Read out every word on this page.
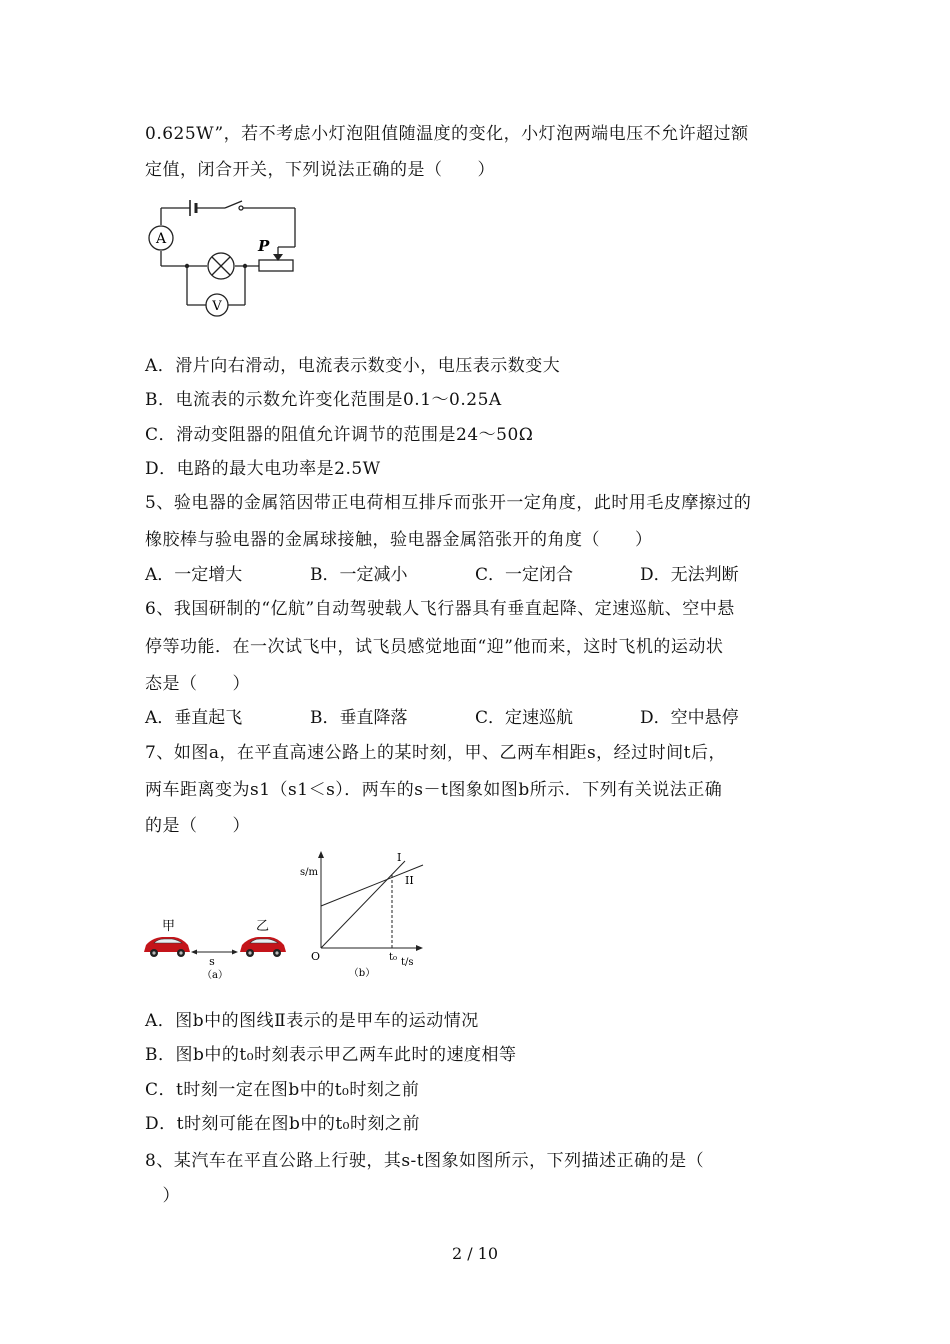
0.625W”，若不考虑小灯泡阻值随温度的变化，小灯泡两端电压不允许超过额
定值，闭合开关，下列说法正确的是（　　）
A
V
P
A．滑片向右滑动，电流表示数变小，电压表示数变大
B．电流表的示数允许变化范围是0.1～0.25A
C．滑动变阻器的阻值允许调节的范围是24～50Ω
D．电路的最大电功率是2.5W
5、验电器的金属箔因带正电荷相互排斥而张开一定角度，此时用毛皮摩擦过的
橡胶棒与验电器的金属球接触，验电器金属箔张开的角度（　　）
A．一定增大	B．一定减小	C．一定闭合	D．无法判断
6、我国研制的“亿航”自动驾驶载人飞行器具有垂直起降、定速巡航、空中悬
停等功能．在一次试飞中，试飞员感觉地面“迎”他而来，这时飞机的运动状
态是（　　）
A．垂直起飞	B．垂直降落	C．定速巡航	D．空中悬停
7、如图a，在平直高速公路上的某时刻，甲、乙两车相距s，经过时间t后，
两车距离变为s1（s1＜s）．两车的s－t图象如图b所示．下列有关说法正确
的是（　　）
甲	乙
s
（a）
s/m
O	t₀ t/s
I
II
（b）
A．图b中的图线Ⅱ表示的是甲车的运动情况
B．图b中的t₀时刻表示甲乙两车此时的速度相等
C．t时刻一定在图b中的t₀时刻之前
D．t时刻可能在图b中的t₀时刻之前
8、某汽车在平直公路上行驶，其s-t图象如图所示，下列描述正确的是（
　）
2 / 10
